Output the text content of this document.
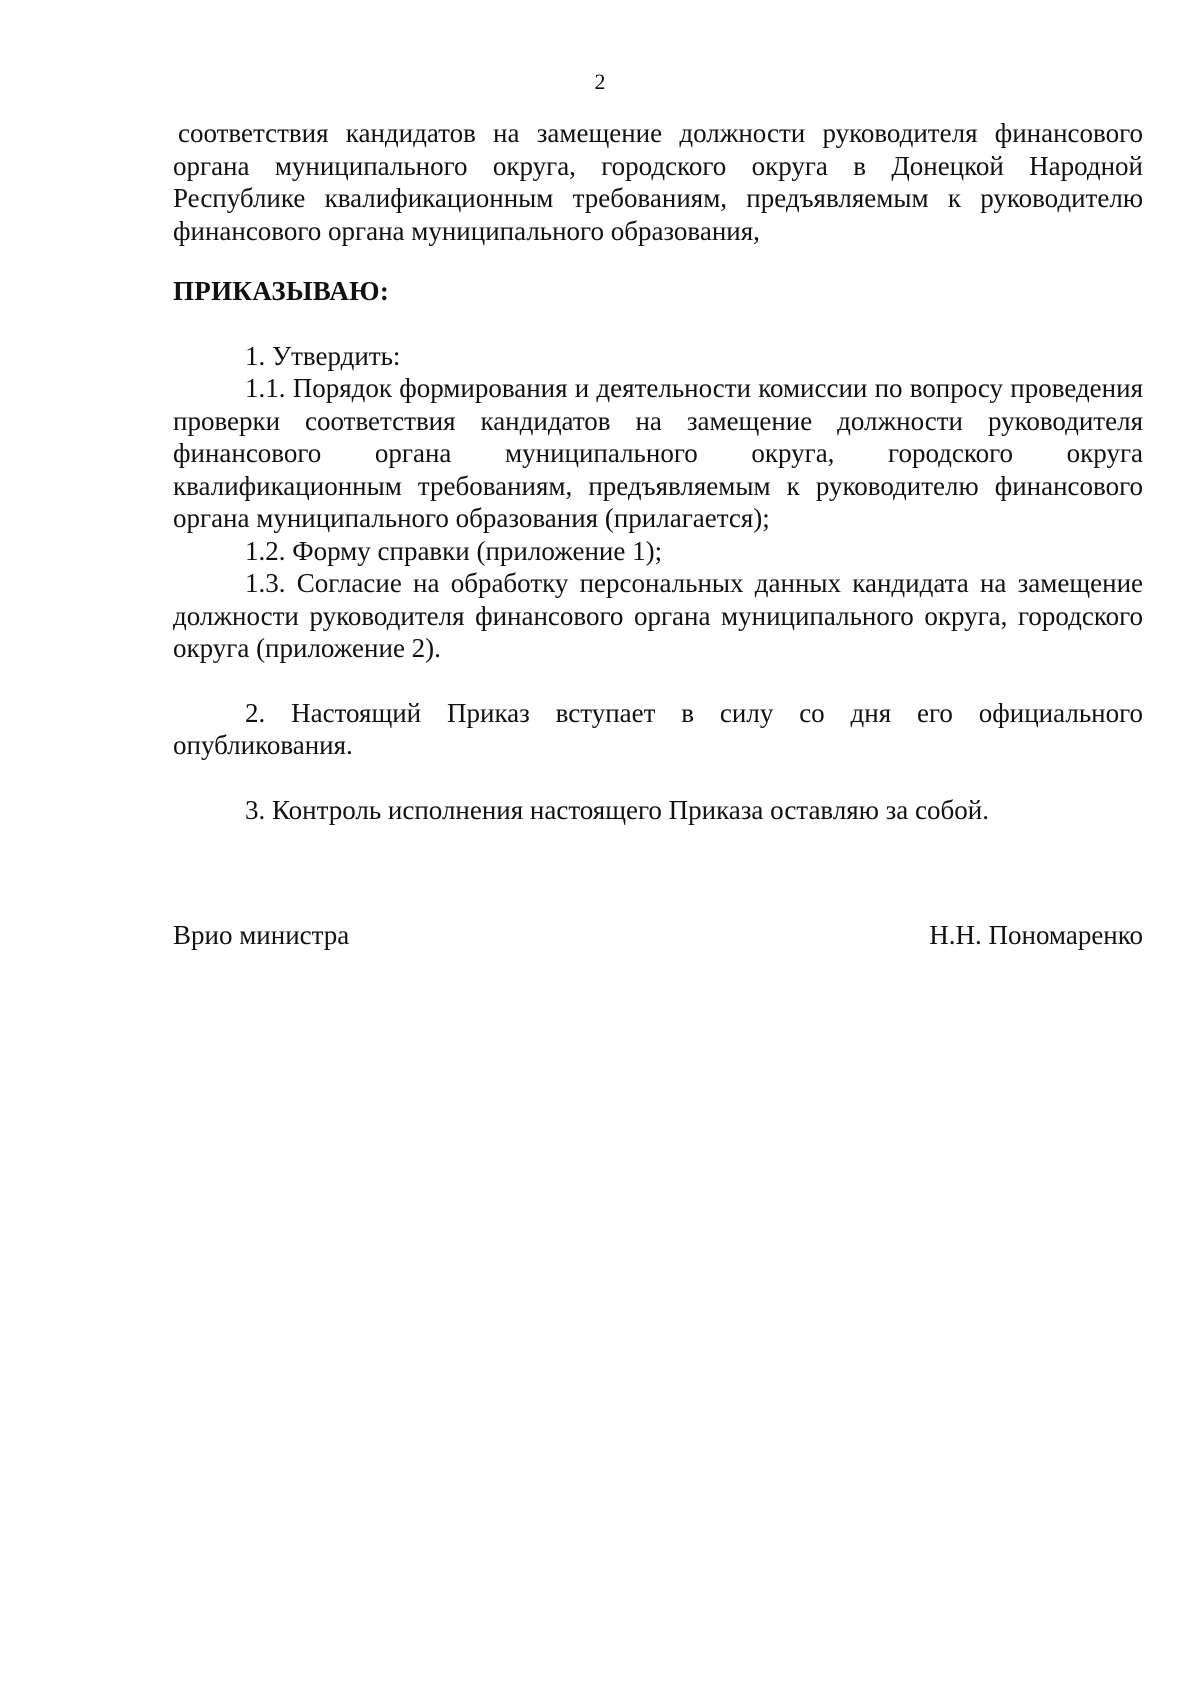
2

соответствия кандидатов на замещение должности руководителя финансового органа муниципального округа, городского округа в Донецкой Народной Республике квалификационным требованиям, предъявляемым к руководителю финансового органа муниципального образования,

ПРИКАЗЫВАЮ:

1. Утвердить:

1.1. Порядок формирования и деятельности комиссии по вопросу проведения проверки соответствия кандидатов на замещение должности руководителя финансового органа муниципального округа, городского округа квалификационным требованиям, предъявляемым к руководителю финансового органа муниципального образования (прилагается);

1.2. Форму справки (приложение 1);

1.3. Согласие на обработку персональных данных кандидата на замещение должности руководителя финансового органа муниципального округа, городского округа (приложение 2).

2. Настоящий Приказ вступает в силу со дня его официального опубликования.

3. Контроль исполнения настоящего Приказа оставляю за собой.

Врио министра	Н.Н. Пономаренко
